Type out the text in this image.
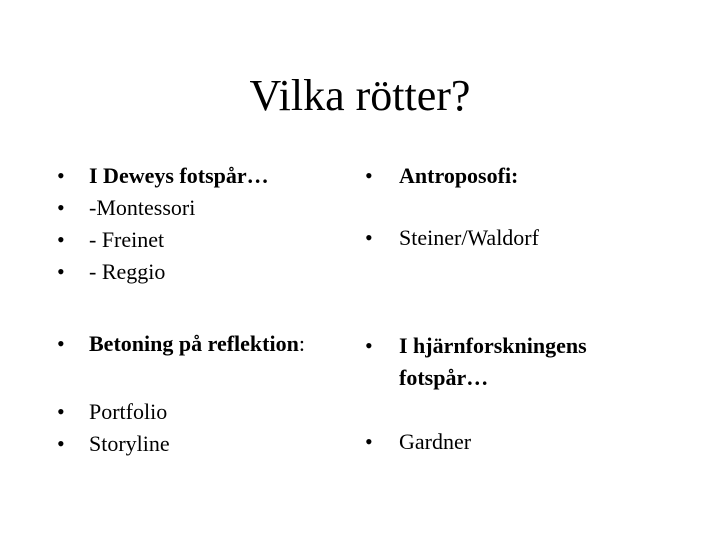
Vilka rötter?
•	I Deweys fotspår…
•	-Montessori
•	- Freinet
•	- Reggio
•	Betoning på reflektion:
•	Portfolio
•	Storyline
•	Antroposofi:
•	Steiner/Waldorf
•	I hjärnforskningens fotspår…
•	Gardner
